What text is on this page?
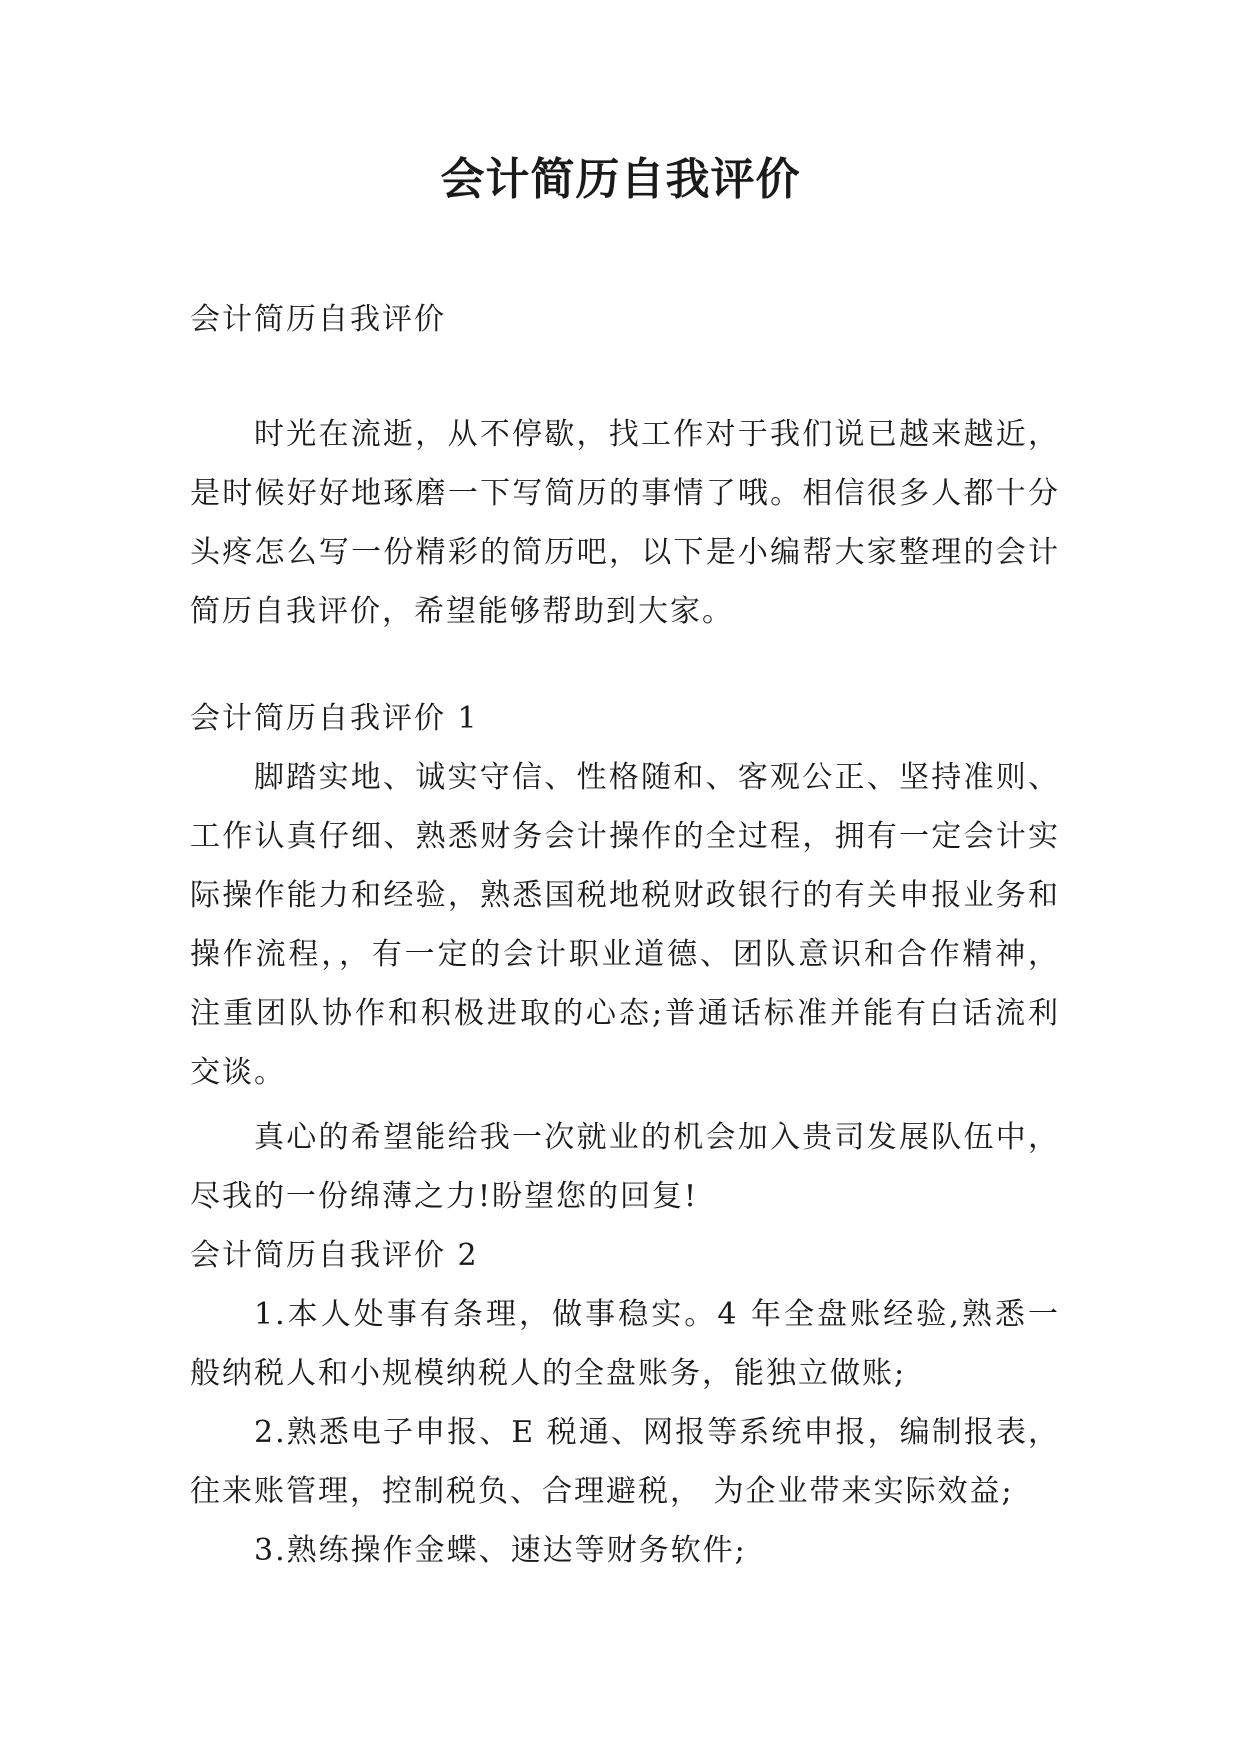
会计简历自我评价

会计简历自我评价

时光在流逝，从不停歇，找工作对于我们说已越来越近，是时候好好地琢磨一下写简历的事情了哦。相信很多人都十分头疼怎么写一份精彩的简历吧，以下是小编帮大家整理的会计简历自我评价，希望能够帮助到大家。

会计简历自我评价 1

脚踏实地、诚实守信、性格随和、客观公正、坚持准则、工作认真仔细、熟悉财务会计操作的全过程，拥有一定会计实际操作能力和经验，熟悉国税地税财政银行的有关申报业务和操作流程，，有一定的会计职业道德、团队意识和合作精神，注重团队协作和积极进取的心态;普通话标准并能有白话流利交谈。

真心的希望能给我一次就业的机会加入贵司发展队伍中，尽我的一份绵薄之力!盼望您的回复!

会计简历自我评价 2

1.本人处事有条理，做事稳实。4 年全盘账经验,熟悉一般纳税人和小规模纳税人的全盘账务，能独立做账;

2.熟悉电子申报、E 税通、网报等系统申报，编制报表，往来账管理，控制税负、合理避税， 为企业带来实际效益;

3.熟练操作金蝶、速达等财务软件;
